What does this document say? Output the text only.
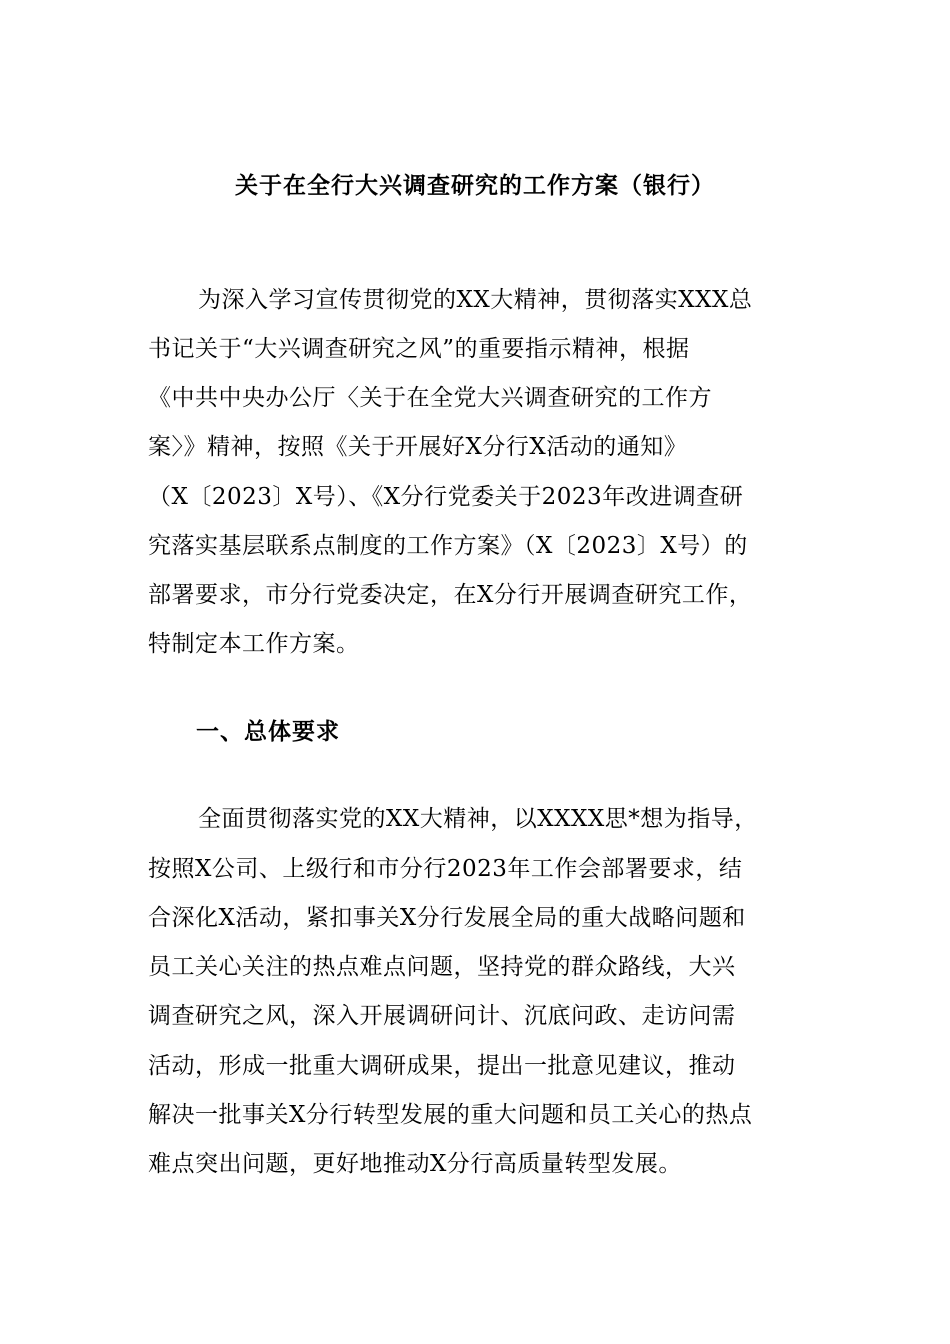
关于在全行大兴调查研究的工作方案（银行）
为深入学习宣传贯彻党的XX大精神，贯彻落实XXX总
书记关于“大兴调查研究之风”的重要指示精神，根据
《中共中央办公厅〈关于在全党大兴调查研究的工作方
案〉》精神，按照《关于开展好X分行X活动的通知》
（X〔2023〕X号）、《X分行党委关于2023年改进调查研
究落实基层联系点制度的工作方案》（X〔2023〕X号）的
部署要求，市分行党委决定，在X分行开展调查研究工作，
特制定本工作方案。
一、总体要求
全面贯彻落实党的XX大精神，以XXXX思*想为指导，
按照X公司、上级行和市分行2023年工作会部署要求，结
合深化X活动，紧扣事关X分行发展全局的重大战略问题和
员工关心关注的热点难点问题，坚持党的群众路线，大兴
调查研究之风，深入开展调研问计、沉底问政、走访问需
活动，形成一批重大调研成果，提出一批意见建议，推动
解决一批事关X分行转型发展的重大问题和员工关心的热点
难点突出问题，更好地推动X分行高质量转型发展。
